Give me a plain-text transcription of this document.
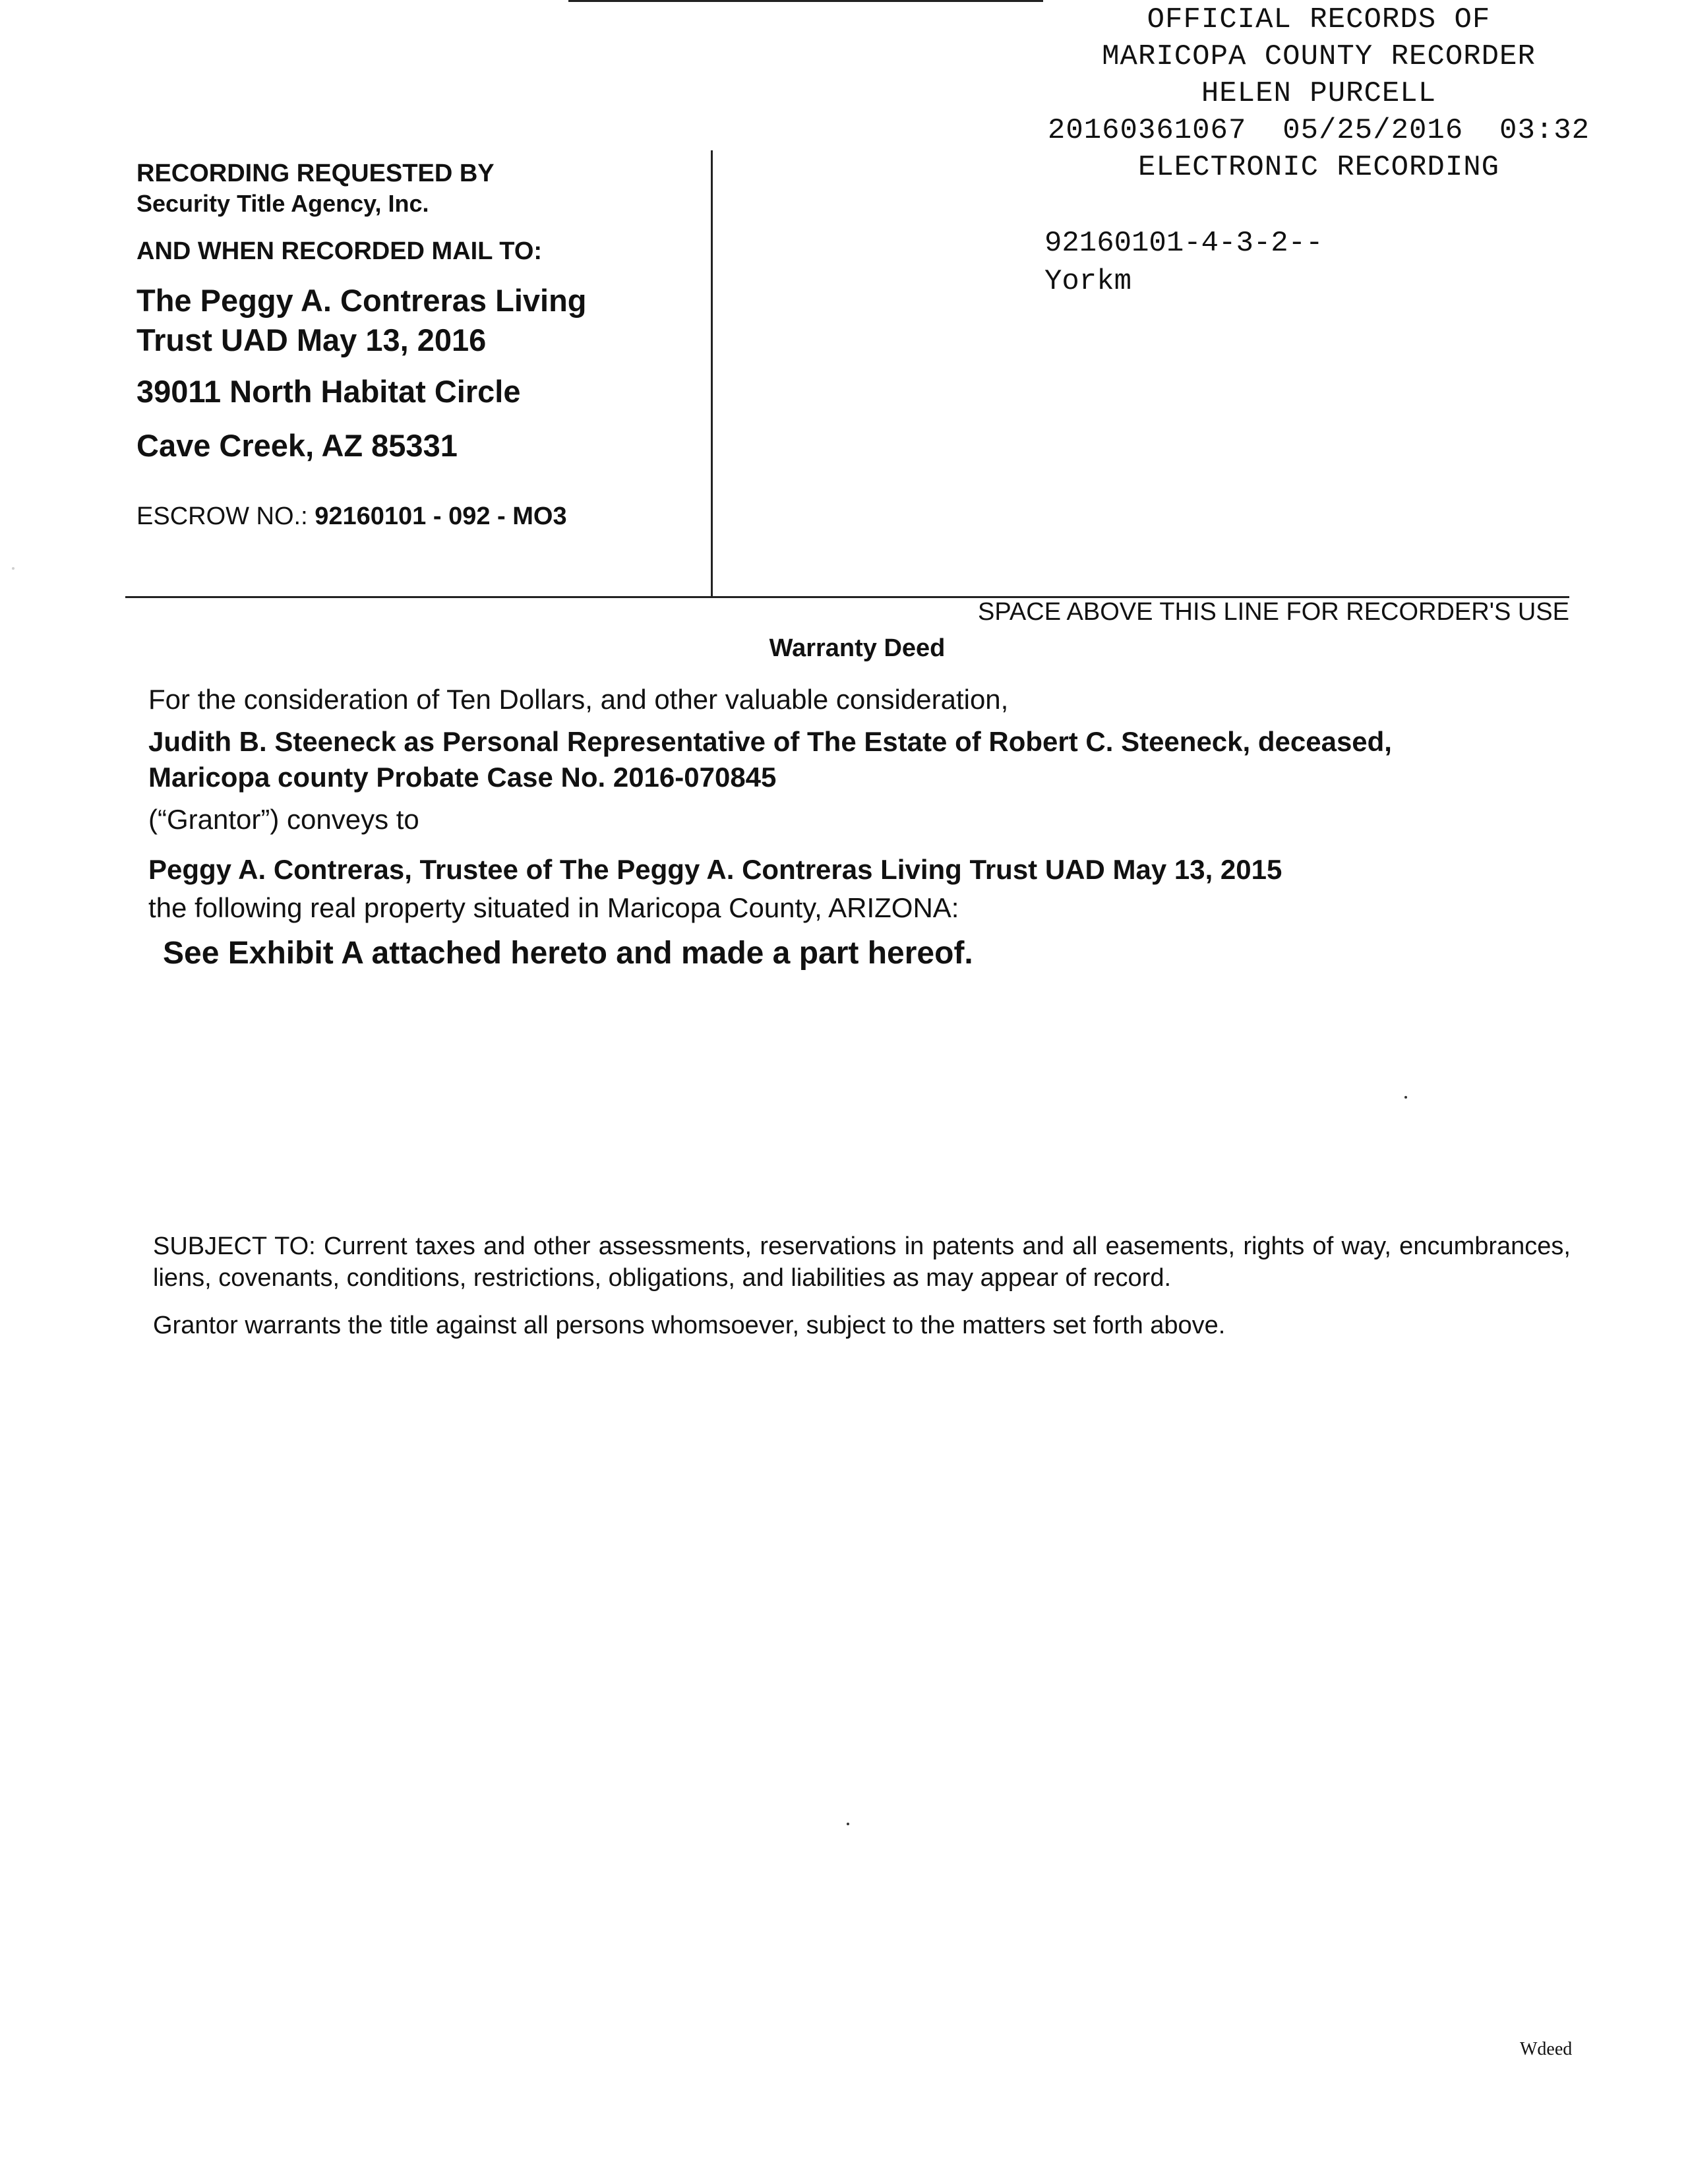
OFFICIAL RECORDS OF
MARICOPA COUNTY RECORDER
HELEN PURCELL
20160361067 05/25/2016 03:32
ELECTRONIC RECORDING
92160101-4-3-2--
Yorkm
RECORDING REQUESTED BY
Security Title Agency, Inc.
AND WHEN RECORDED MAIL TO:
The Peggy A. Contreras Living
Trust UAD May 13, 2016
39011 North Habitat Circle
Cave Creek, AZ 85331
ESCROW NO.: 92160101 - 092 - MO3
SPACE ABOVE THIS LINE FOR RECORDER'S USE
Warranty Deed
For the consideration of Ten Dollars, and other valuable consideration,
Judith B. Steeneck as Personal Representative of The Estate of Robert C. Steeneck, deceased,
Maricopa county Probate Case No. 2016-070845
(“Grantor”) conveys to
Peggy A. Contreras, Trustee of The Peggy A. Contreras Living Trust UAD May 13, 2015
the following real property situated in Maricopa County, ARIZONA:
See Exhibit A attached hereto and made a part hereof.
SUBJECT TO: Current taxes and other assessments, reservations in patents and all easements, rights of way, encumbrances, liens, covenants, conditions, restrictions, obligations, and liabilities as may appear of record.
Grantor warrants the title against all persons whomsoever, subject to the matters set forth above.
Wdeed
